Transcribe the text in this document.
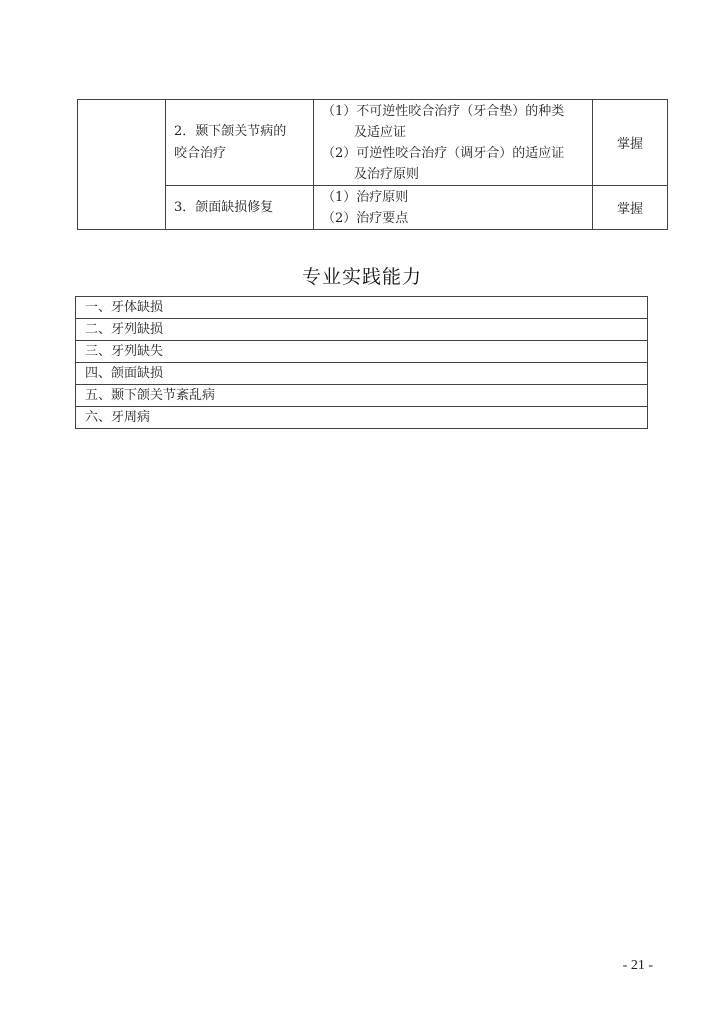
	2．颞下颌关节病的
咬合治疗	（1）不可逆性咬合治疗（牙合垫）的种类
及适应证
（2）可逆性咬合治疗（调牙合）的适应证
及治疗原则	掌握

	3．颌面缺损修复	（1）治疗原则
（2）治疗要点	掌握
专业实践能力
一、牙体缺损
二、牙列缺损
三、牙列缺失
四、颌面缺损
五、颞下颌关节紊乱病
六、牙周病
- 21 -
